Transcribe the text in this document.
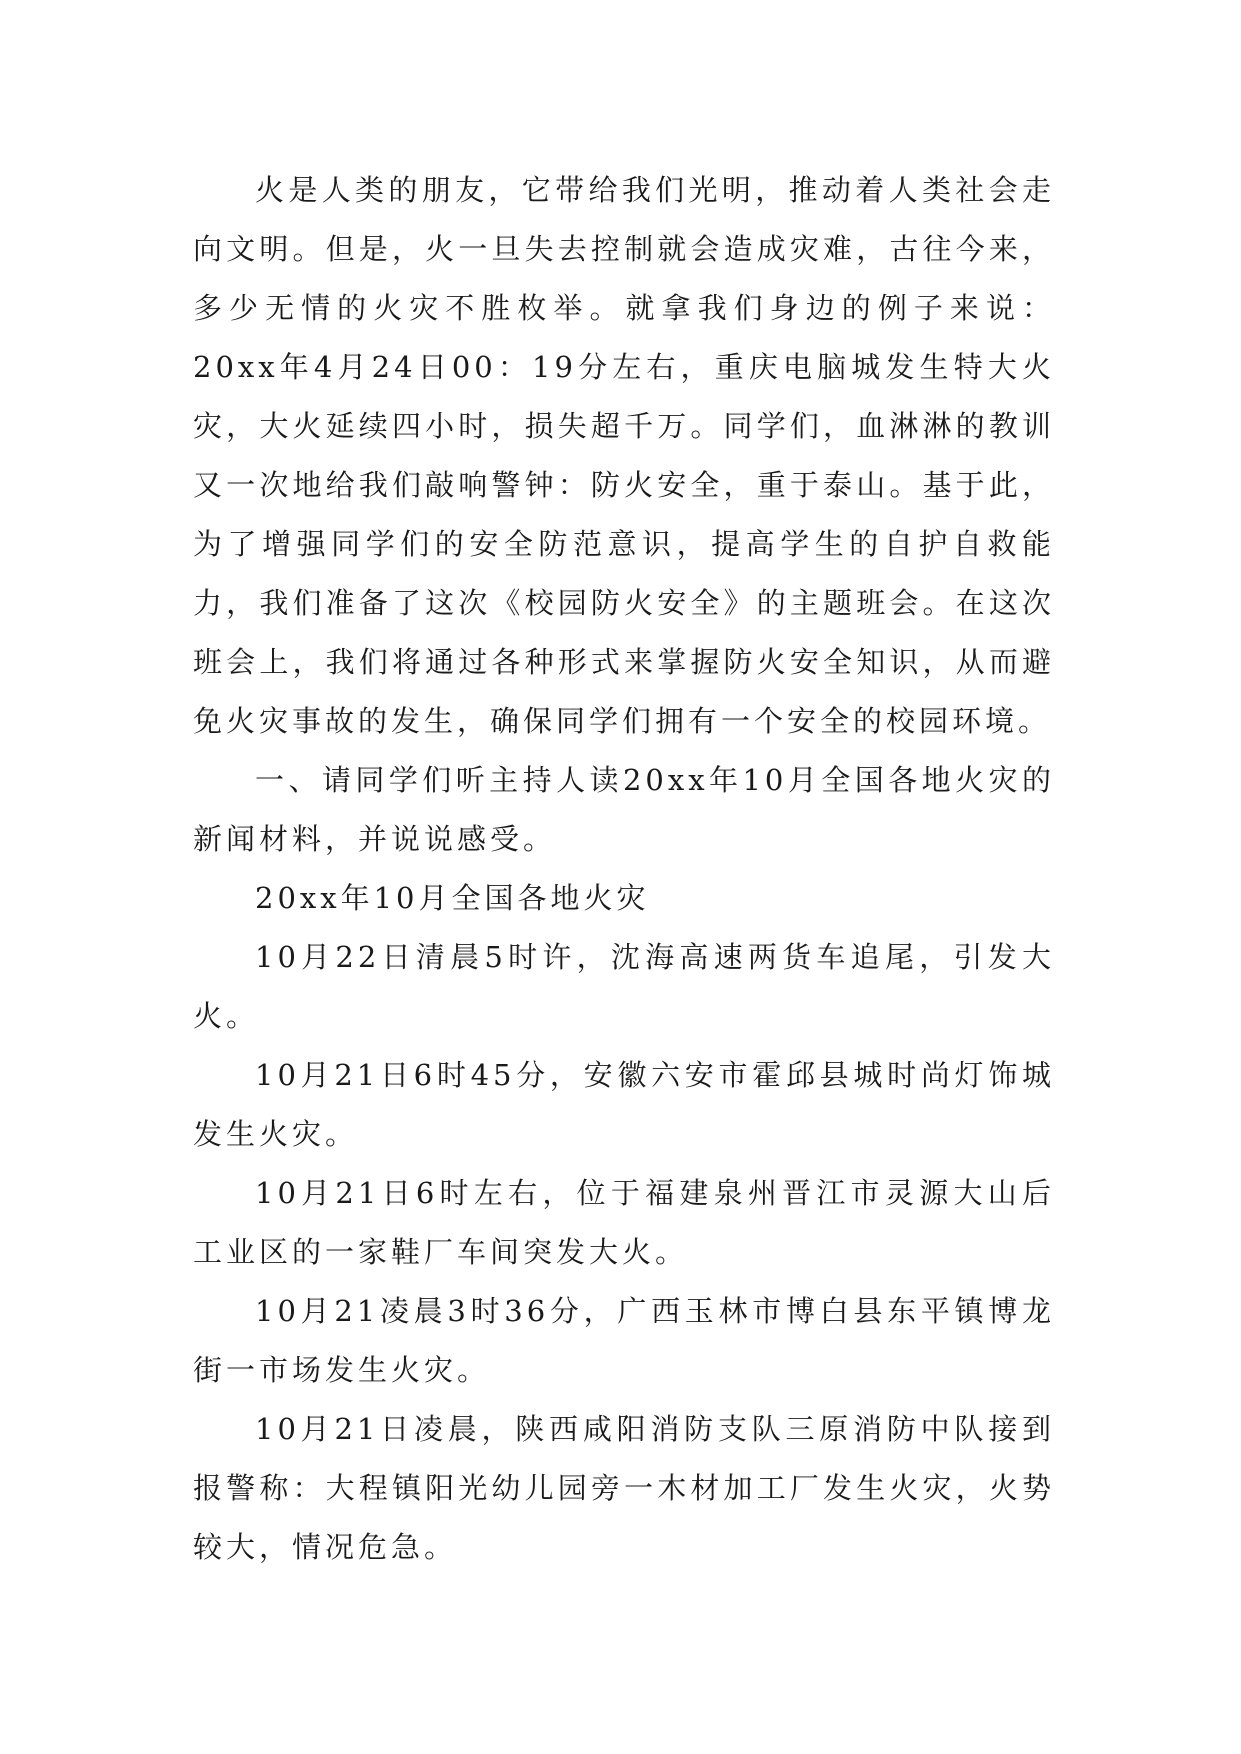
火是人类的朋友，它带给我们光明，推动着人类社会走向文明。但是，火一旦失去控制就会造成灾难，古往今来，多少无情的火灾不胜枚举。就拿我们身边的例子来说：20xx年4月24日00：19分左右，重庆电脑城发生特大火灾，大火延续四小时，损失超千万。同学们，血淋淋的教训又一次地给我们敲响警钟：防火安全，重于泰山。基于此，为了增强同学们的安全防范意识，提高学生的自护自救能力，我们准备了这次《校园防火安全》的主题班会。在这次班会上，我们将通过各种形式来掌握防火安全知识，从而避免火灾事故的发生，确保同学们拥有一个安全的校园环境。

一、请同学们听主持人读20xx年10月全国各地火灾的新闻材料，并说说感受。

20xx年10月全国各地火灾

10月22日清晨5时许，沈海高速两货车追尾，引发大火。

10月21日6时45分，安徽六安市霍邱县城时尚灯饰城发生火灾。

10月21日6时左右，位于福建泉州晋江市灵源大山后工业区的一家鞋厂车间突发大火。

10月21凌晨3时36分，广西玉林市博白县东平镇博龙街一市场发生火灾。

10月21日凌晨，陕西咸阳消防支队三原消防中队接到报警称：大程镇阳光幼儿园旁一木材加工厂发生火灾，火势较大，情况危急。
